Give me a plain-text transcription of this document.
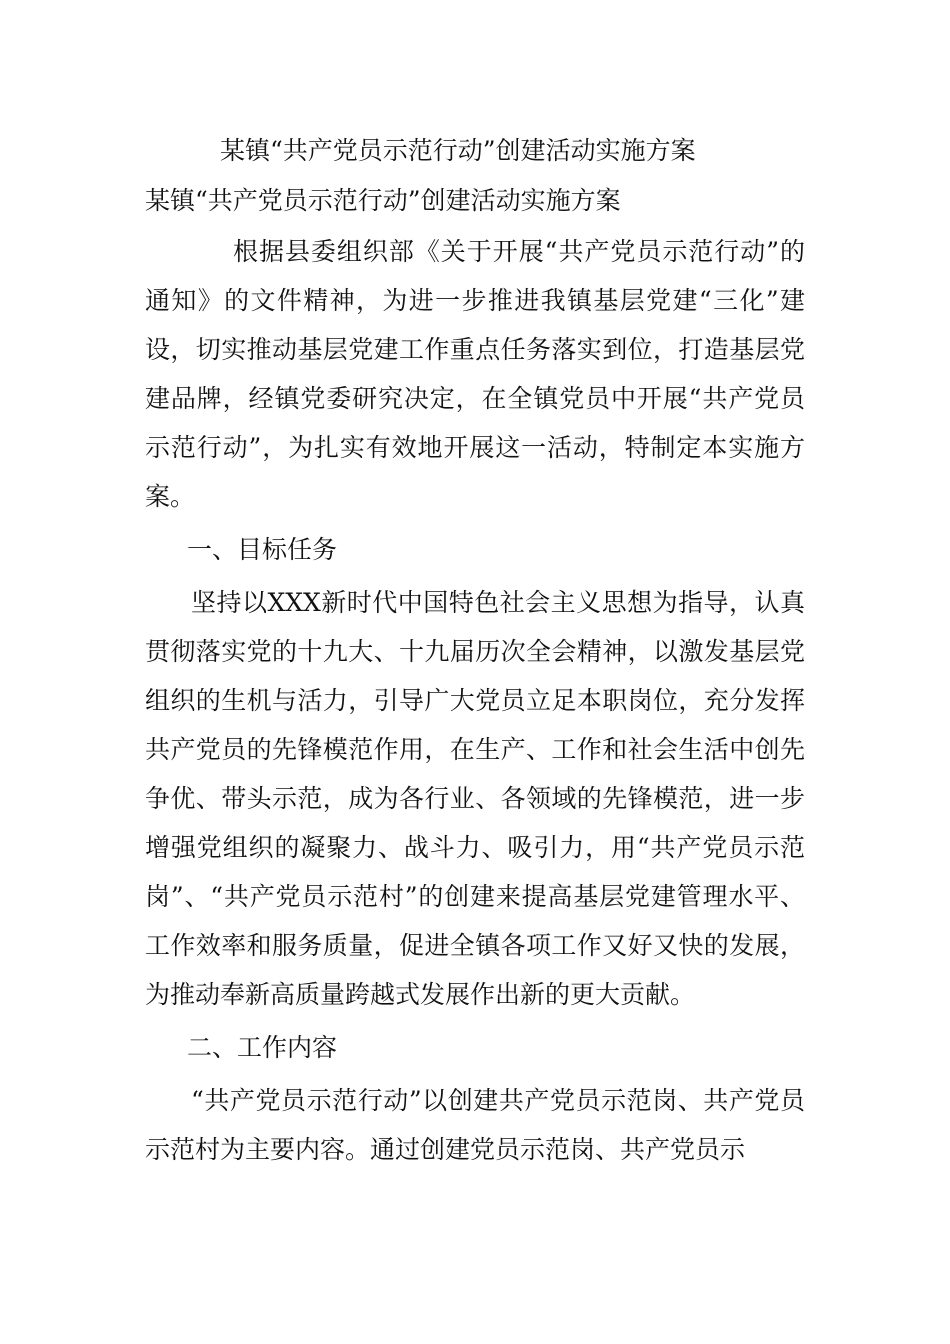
某镇“共产党员示范行动”创建活动实施方案
某镇“共产党员示范行动”创建活动实施方案

根据县委组织部《关于开展“共产党员示范行动”的通知》的文件精神，为进一步推进我镇基层党建“三化”建设，切实推动基层党建工作重点任务落实到位，打造基层党建品牌，经镇党委研究决定，在全镇党员中开展“共产党员示范行动”，为扎实有效地开展这一活动，特制定本实施方案。

一、目标任务

坚持以XXX新时代中国特色社会主义思想为指导，认真贯彻落实党的十九大、十九届历次全会精神，以激发基层党组织的生机与活力，引导广大党员立足本职岗位，充分发挥共产党员的先锋模范作用，在生产、工作和社会生活中创先争优、带头示范，成为各行业、各领域的先锋模范，进一步增强党组织的凝聚力、战斗力、吸引力，用“共产党员示范岗”、“共产党员示范村”的创建来提高基层党建管理水平、工作效率和服务质量，促进全镇各项工作又好又快的发展，为推动奉新高质量跨越式发展作出新的更大贡献。

二、工作内容

“共产党员示范行动”以创建共产党员示范岗、共产党员示范村为主要内容。通过创建党员示范岗、共产党员示
